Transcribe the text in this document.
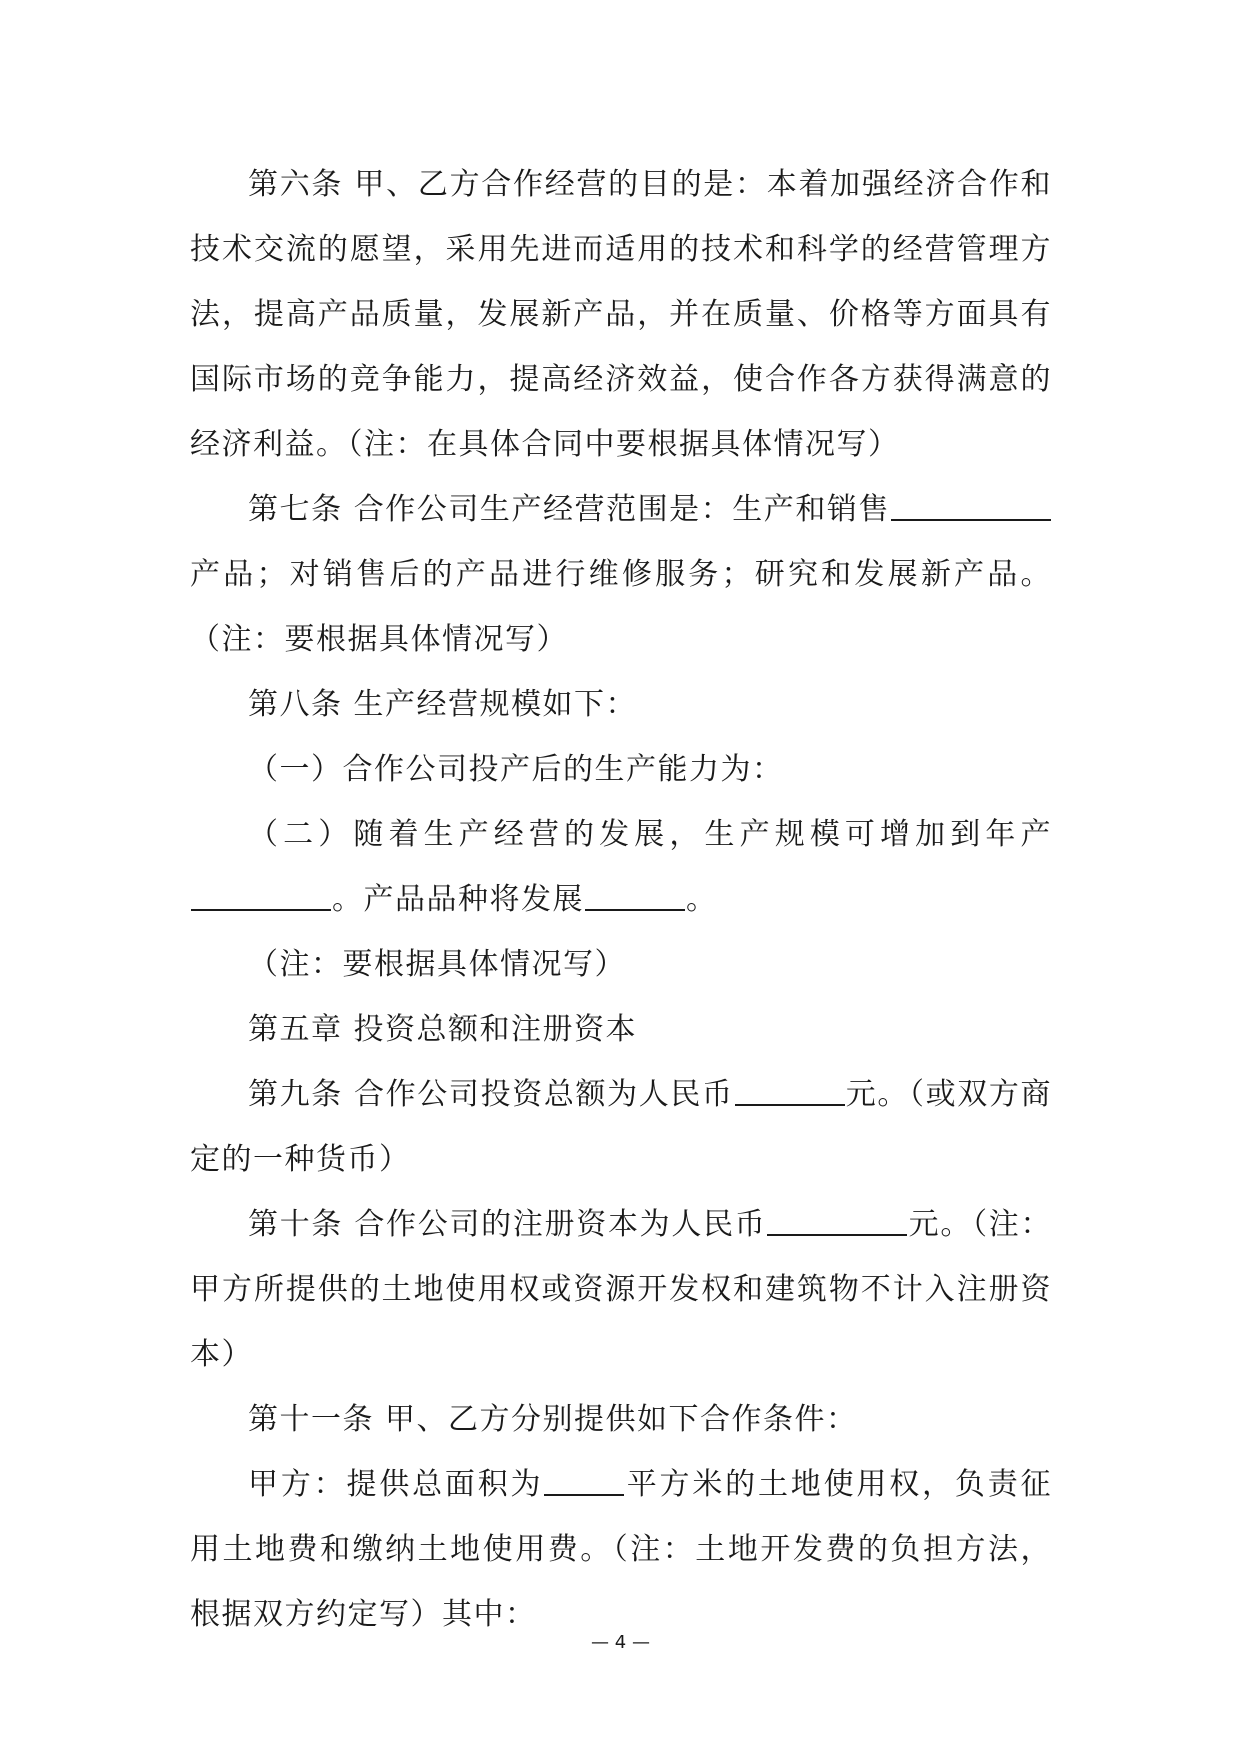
第六条 甲、乙方合作经营的目的是：本着加强经济合作和技术交流的愿望，采用先进而适用的技术和科学的经营管理方法，提高产品质量，发展新产品，并在质量、价格等方面具有国际市场的竞争能力，提高经济效益，使合作各方获得满意的经济利益。（注：在具体合同中要根据具体情况写）

第七条 合作公司生产经营范围是：生产和销售产品；对销售后的产品进行维修服务；研究和发展新产品。（注：要根据具体情况写）

第八条 生产经营规模如下：

（一）合作公司投产后的生产能力为：

（二）随着生产经营的发展，生产规模可增加到年产。产品品种将发展	。

（注：要根据具体情况写）

第五章 投资总额和注册资本

第九条 合作公司投资总额为人民币	元。（或双方商定的一种货币）

第十条 合作公司的注册资本为人民币	元。（注：甲方所提供的土地使用权或资源开发权和建筑物不计入注册资本）

第十一条 甲、乙方分别提供如下合作条件：

甲方：提供总面积为	平方米的土地使用权，负责征用土地费和缴纳土地使用费。（注：土地开发费的负担方法，根据双方约定写）其中：

— 4 —
